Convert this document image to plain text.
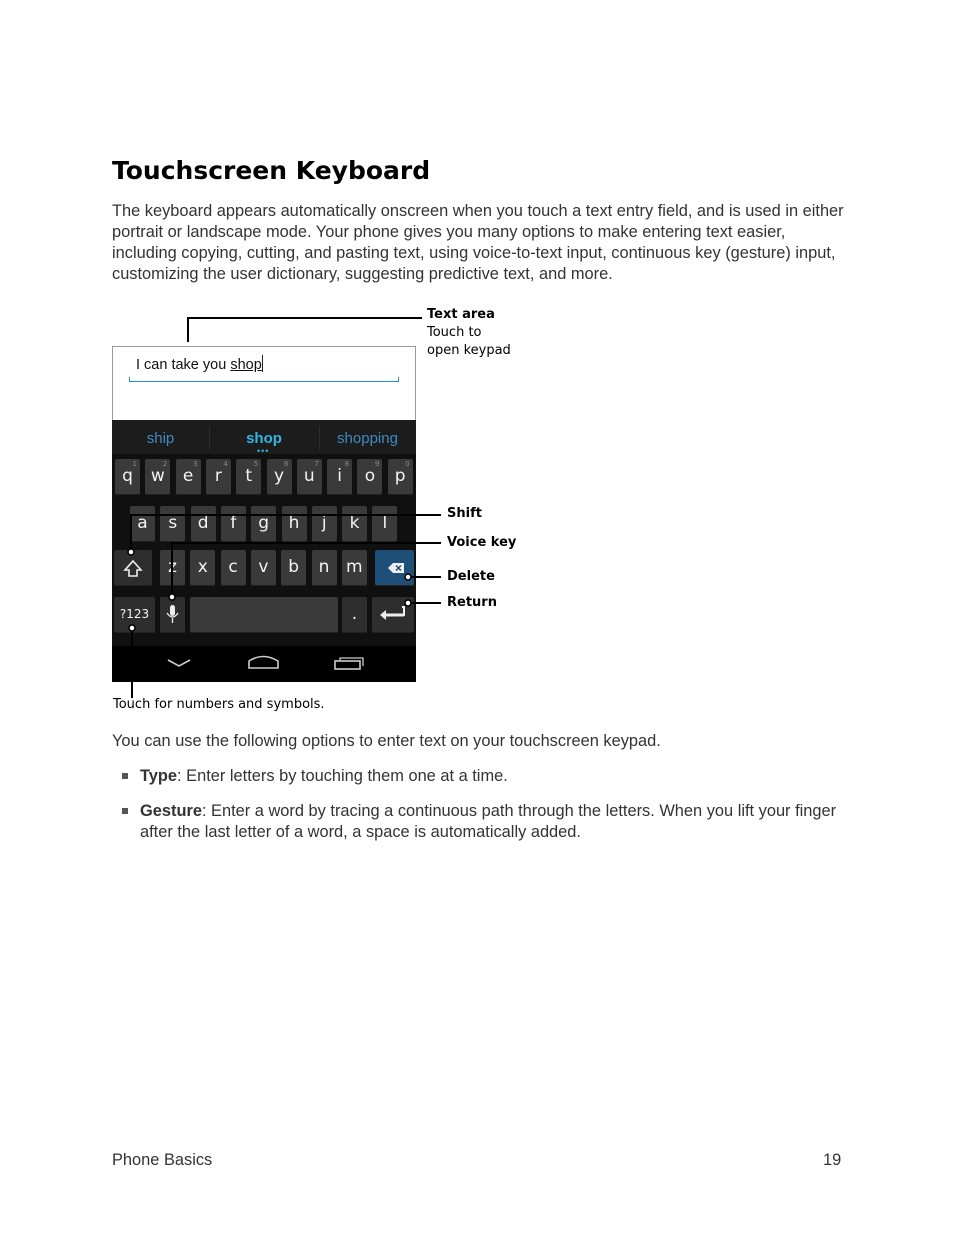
Touchscreen Keyboard

The keyboard appears automatically onscreen when you touch a text entry field, and is used in either portrait or landscape mode. Your phone gives you many options to make entering text easier, including copying, cutting, and pasting text, using voice-to-text input, continuous key (gesture) input, customizing the user dictionary, suggesting predictive text, and more.

I can take you shop
ship	shop	shopping
•••
1
q
2
w
3
e
4
r
5
t
6
y
7
u
8
i
9
o
0
p
a	s	d	f	g	h	j	k	l
z	x	c	v	b	n m
?123	.
Text area
Touch to
open keypad
Shift
Voice key
Delete
Return
Touch for numbers and symbols.

You can use the following options to enter text on your touchscreen keypad.

Type: Enter letters by touching them one at a time.

Gesture: Enter a word by tracing a continuous path through the letters. When you lift your finger after the last letter of a word, a space is automatically added.

Phone Basics	19
